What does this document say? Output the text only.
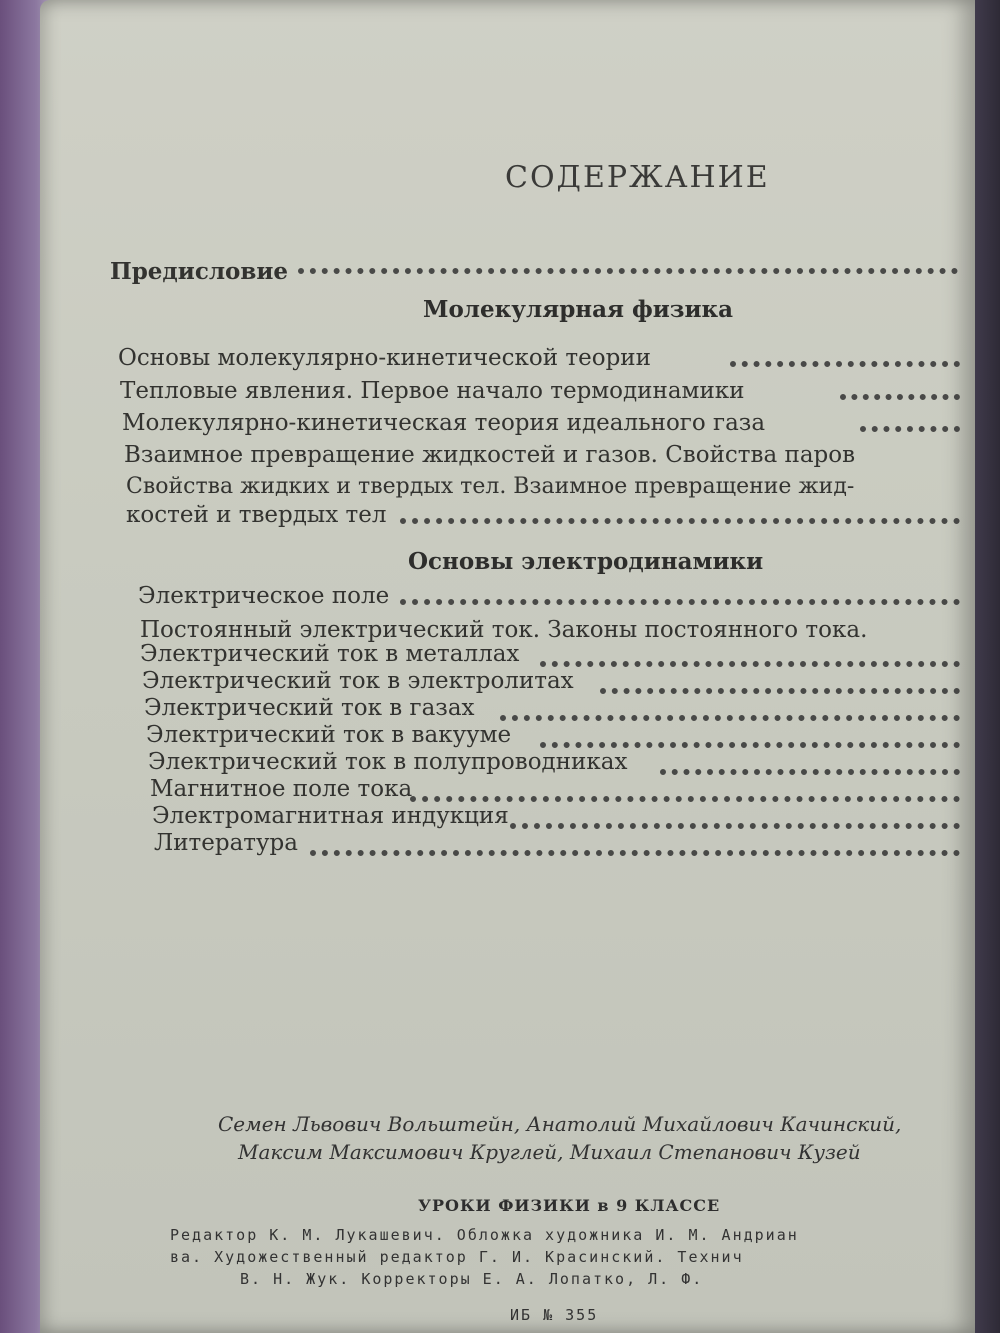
СОДЕРЖАНИЕ
Предисловие
Молекулярная физика
Основы молекулярно-кинетической теории
Тепловые явления. Первое начало термодинамики
Молекулярно-кинетическая теория идеального газа
Взаимное превращение жидкостей и газов. Свойства паров
Свойства жидких и твердых тел. Взаимное превращение жид-
костей и твердых тел
Основы электродинамики
Электрическое поле
Постоянный электрический ток. Законы постоянного тока.
Электрический ток в металлах
Электрический ток в электролитах
Электрический ток в газах
Электрический ток в вакууме
Электрический ток в полупроводниках
Магнитное поле тока
Электромагнитная индукция
Литература
Семен Львович Вольштейн, Анатолий Михайлович Качинский,
Максим Максимович Круглей, Михаил Степанович Кузей
УРОКИ ФИЗИКИ в 9 КЛАССЕ
Редактор К. М. Лукашевич. Обложка художника И. М. Андриан
ва. Художественный редактор Г. И. Красинский. Технич
В. Н. Жук. Корректоры Е. А. Лопатко, Л. Ф.
ИБ № 355
